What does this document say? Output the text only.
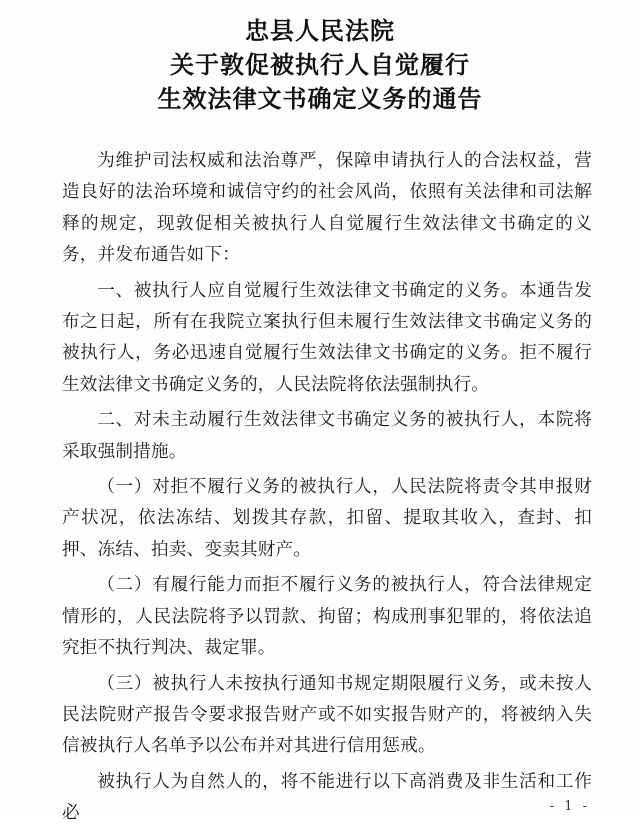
忠县人民法院
关于敦促被执行人自觉履行
生效法律文书确定义务的通告

为维护司法权威和法治尊严，保障申请执行人的合法权益，营造良好的法治环境和诚信守约的社会风尚，依照有关法律和司法解释的规定，现敦促相关被执行人自觉履行生效法律文书确定的义务，并发布通告如下：

一、被执行人应自觉履行生效法律文书确定的义务。本通告发布之日起，所有在我院立案执行但未履行生效法律文书确定义务的被执行人，务必迅速自觉履行生效法律文书确定的义务。拒不履行生效法律文书确定义务的，人民法院将依法强制执行。

二、对未主动履行生效法律文书确定义务的被执行人，本院将采取强制措施。

（一）对拒不履行义务的被执行人，人民法院将责令其申报财产状况，依法冻结、划拨其存款，扣留、提取其收入，查封、扣押、冻结、拍卖、变卖其财产。

（二）有履行能力而拒不履行义务的被执行人，符合法律规定情形的，人民法院将予以罚款、拘留；构成刑事犯罪的，将依法追究拒不执行判决、裁定罪。

（三）被执行人未按执行通知书规定期限履行义务，或未按人民法院财产报告令要求报告财产或不如实报告财产的，将被纳入失信被执行人名单予以公布并对其进行信用惩戒。

被执行人为自然人的，将不能进行以下高消费及非生活和工作必	- 1 -
